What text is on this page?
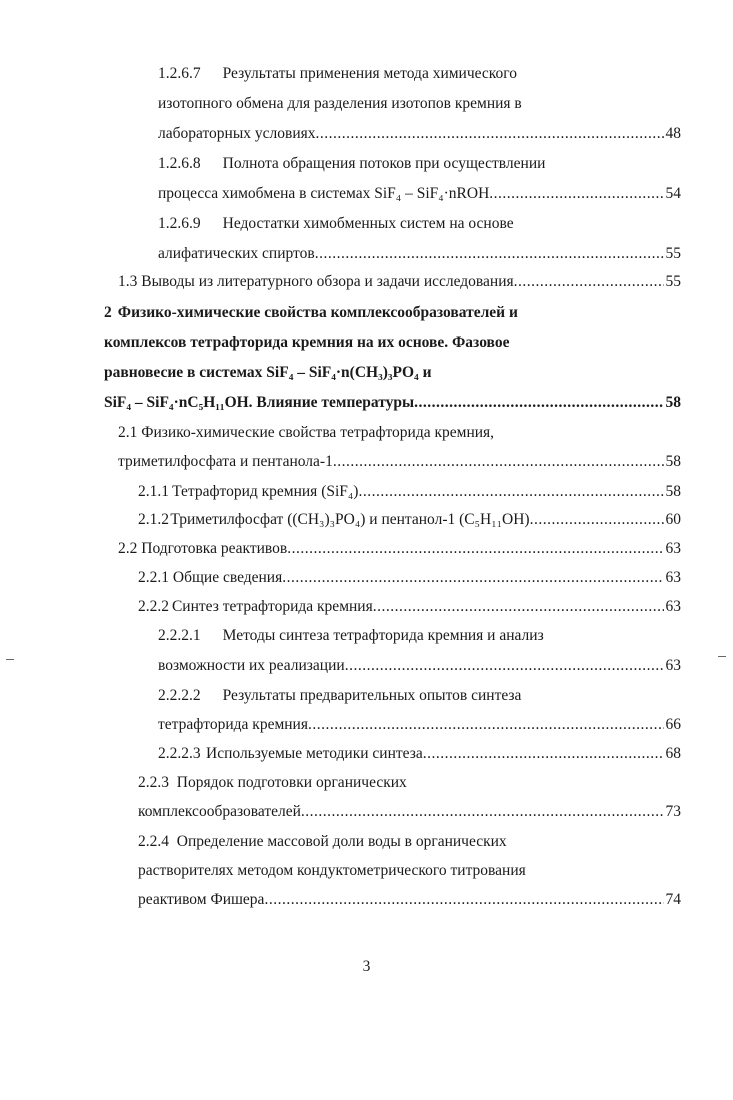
1.2.6.7 Результаты применения метода химического
изотопного обмена для разделения изотопов кремния в
лабораторных условиях .....	48
1.2.6.8 Полнота обращения потоков при осуществлении
процесса химобмена в системах SiF₄ – SiF₄·nROH .....	54
1.2.6.9 Недостатки химобменных систем на основе
алифатических спиртов .....	55
1.3 Выводы из литературного обзора и задачи исследования .....	55
2 Физико-химические свойства комплексообразователей и
комплексов тетрафторида кремния на их основе. Фазовое
равновесие в системах SiF₄ – SiF₄·n(CH₃)₃PO₄ и
SiF₄ – SiF₄·nC₅H₁₁OH. Влияние температуры .....	58
2.1 Физико-химические свойства тетрафторида кремния,
триметилфосфата и пентанола-1 .....	58
2.1.1 Тетрафторид кремния (SiF₄) .....	58
2.1.2 Триметилфосфат ((CH₃)₃PO₄) и пентанол-1 (C₅H₁₁OH) .....	60
2.2 Подготовка реактивов .....	63
2.2.1 Общие сведения .....	63
2.2.2 Синтез тетрафторида кремния .....	63
2.2.2.1 Методы синтеза тетрафторида кремния и анализ
возможности их реализации .....	63
2.2.2.2 Результаты предварительных опытов синтеза
тетрафторида кремния .....	66
2.2.2.3 Используемые методики синтеза .....	68
2.2.3  Порядок подготовки органических
комплексообразователей .....	73
2.2.4  Определение массовой доли воды в органических
растворителях методом кондуктометрического титрования
реактивом Фишера .....	74
3
